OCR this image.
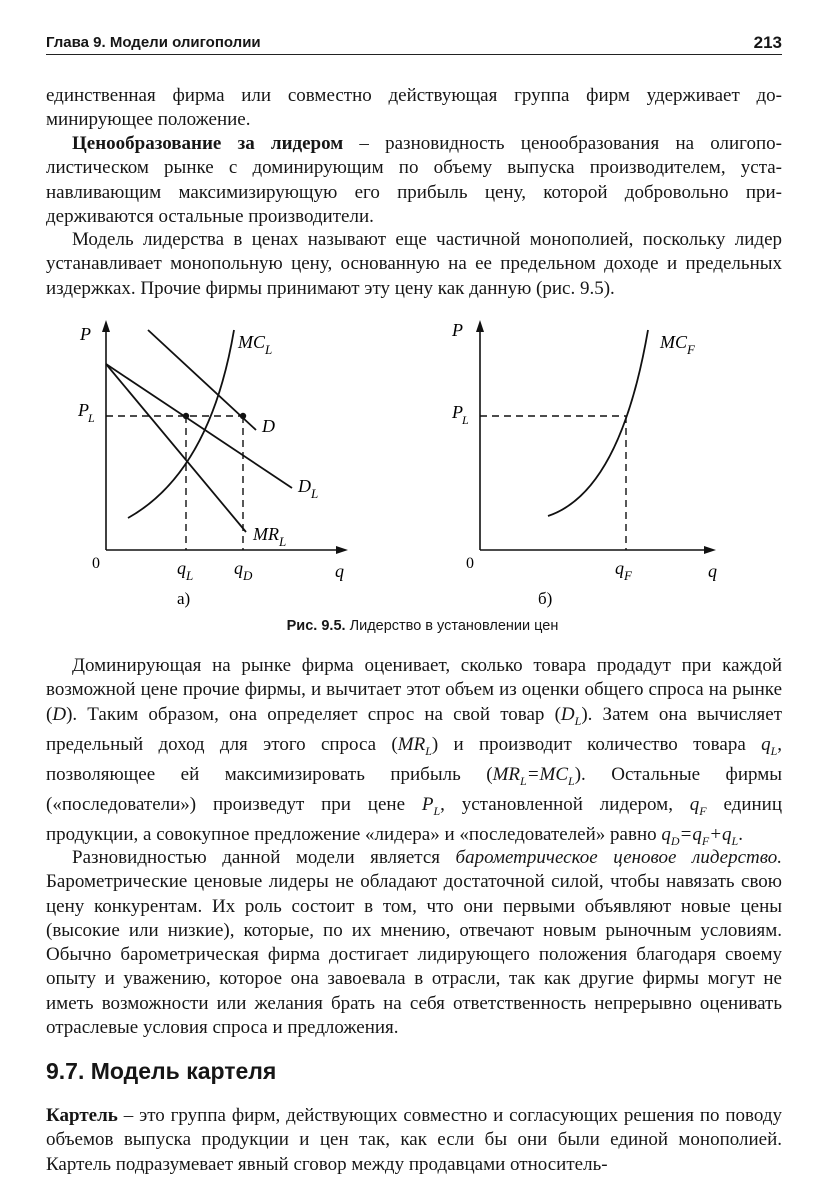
Глава 9. Модели олигополии	213

единственная фирма или совместно действующая группа фирм удерживает доминирующее положение.

Ценообразование за лидером – разновидность ценообразования на олигополистическом рынке с доминирующим по объему выпуска производителем, устанавливающим максимизирующую его прибыль цену, которой добровольно придерживаются остальные производители.

Модель лидерства в ценах называют еще частичной монополией, поскольку лидер устанавливает монопольную цену, основанную на ее предельном доходе и предельных издержках. Прочие фирмы принимают эту цену как данную (рис. 9.5).

P
q
0
PL
$MC_L$
D
$D_L$
$MR_L$
$q_L$ $q_D$
а)
P
q
0
PL
$MC_F$
$q_F$
б)
Рис. 9.5. Лидерство в установлении цен

Доминирующая на рынке фирма оценивает, сколько товара продадут при каждой возможной цене прочие фирмы, и вычитает этот объем из оценки общего спроса на рынке (D). Таким образом, она определяет спрос на свой товар $(D_L)$. Затем она вычисляет предельный доход для этого спроса $(MR_L)$ и производит количество товара $q_L$, позволяющее ей максимизировать прибыль $(MR_L=MC_L)$. Остальные фирмы («последователи») произведут при цене $P_L$, установленной лидером, $q_F$ единиц продукции, а совокупное предложение «лидера» и «последователей» равно $q_D=q_F+q_L$.

Разновидностью данной модели является барометрическое ценовое лидерство. Барометрические ценовые лидеры не обладают достаточной силой, чтобы навязать свою цену конкурентам. Их роль состоит в том, что они первыми объявляют новые цены (высокие или низкие), которые, по их мнению, отвечают новым рыночным условиям. Обычно барометрическая фирма достигает лидирующего положения благодаря своему опыту и уважению, которое она завоевала в отрасли, так как другие фирмы могут не иметь возможности или желания брать на себя ответственность непрерывно оценивать отраслевые условия спроса и предложения.

9.7. Модель картеля

Картель – это группа фирм, действующих совместно и согласующих решения по поводу объемов выпуска продукции и цен так, как если бы они были единой монополией. Картель подразумевает явный сговор между продавцами относитель-
